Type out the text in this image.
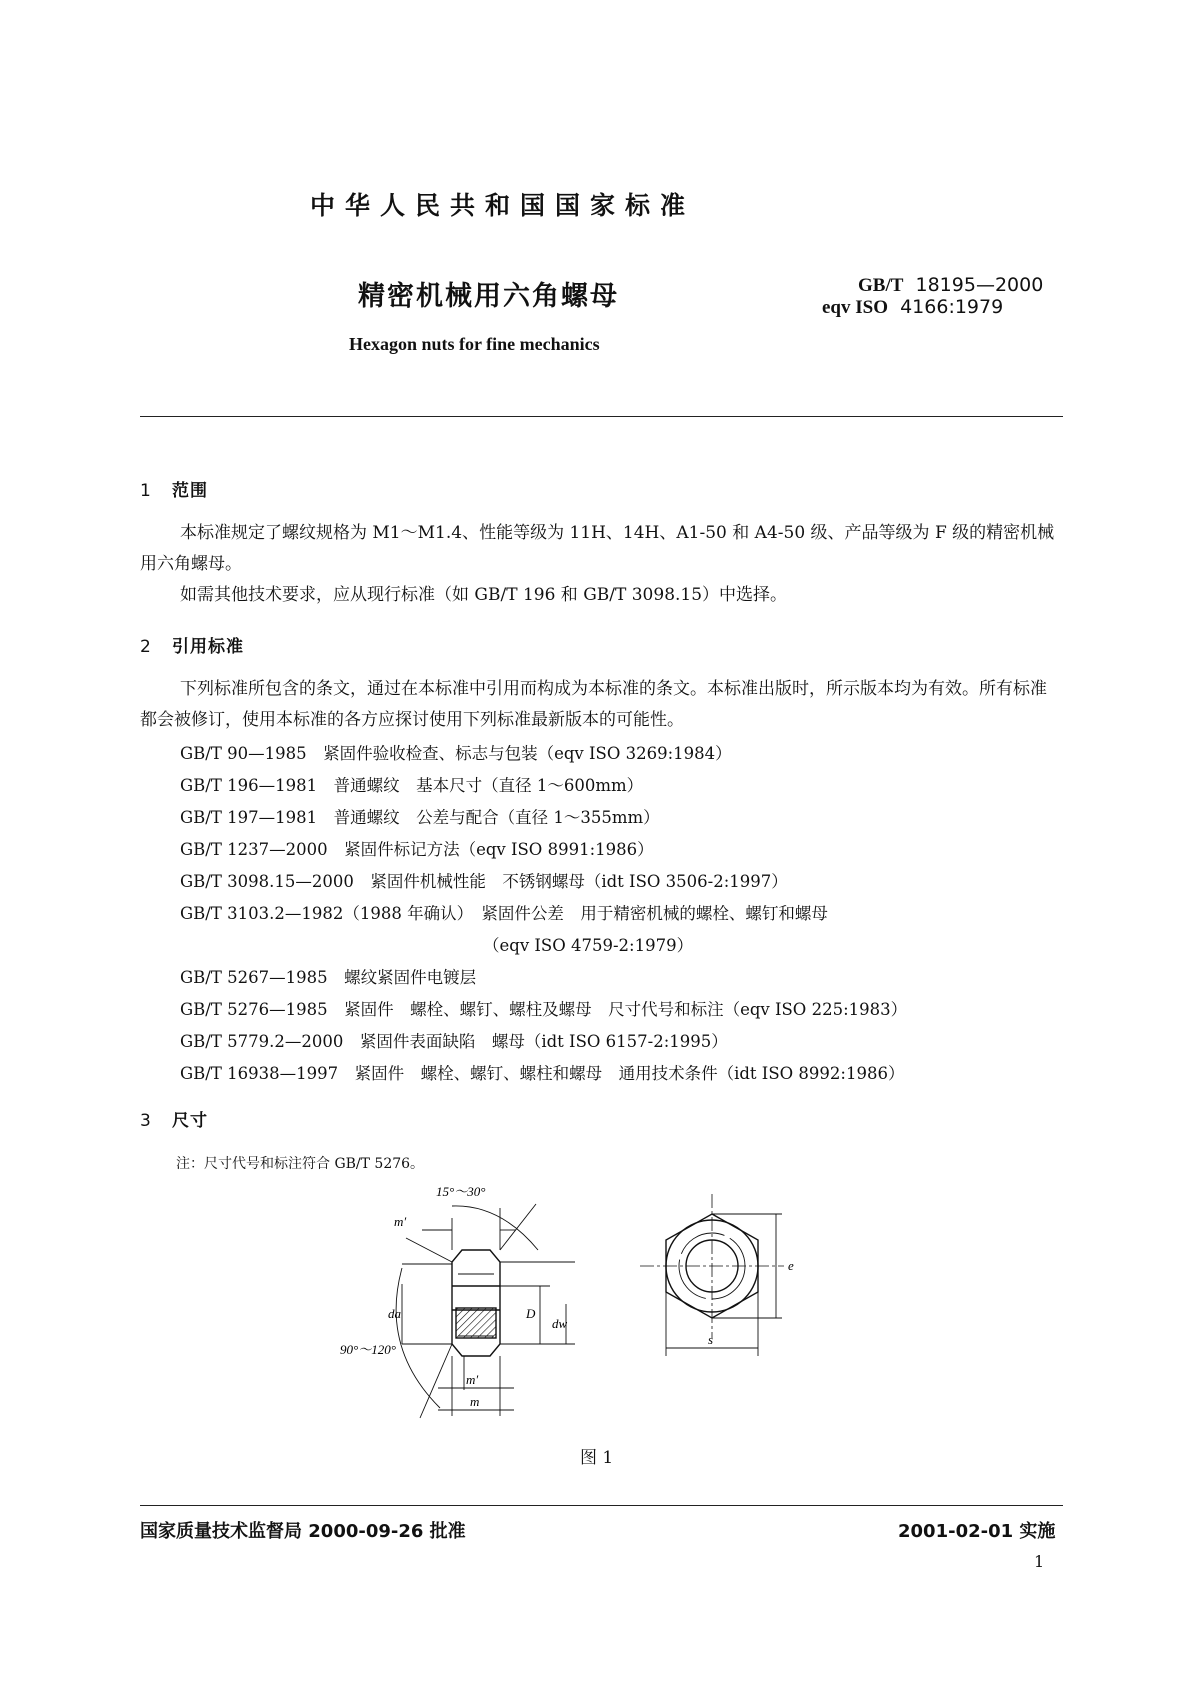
中华人民共和国国家标准
精密机械用六角螺母
Hexagon nuts for fine mechanics
GB/T 18195—2000
eqv ISO 4166:1979
1 范围
本标准规定了螺纹规格为 M1～M1.4、性能等级为 11H、14H、A1-50 和 A4-50 级、产品等级为 F 级的精密机械用六角螺母。
如需其他技术要求，应从现行标准（如 GB/T 196 和 GB/T 3098.15）中选择。
2 引用标准
下列标准所包含的条文，通过在本标准中引用而构成为本标准的条文。本标准出版时，所示版本均为有效。所有标准都会被修订，使用本标准的各方应探讨使用下列标准最新版本的可能性。
GB/T 90—1985　紧固件验收检查、标志与包装（eqv ISO 3269:1984）
GB/T 196—1981　普通螺纹　基本尺寸（直径 1～600mm）
GB/T 197—1981　普通螺纹　公差与配合（直径 1～355mm）
GB/T 1237—2000　紧固件标记方法（eqv ISO 8991:1986）
GB/T 3098.15—2000　紧固件机械性能　不锈钢螺母（idt ISO 3506-2:1997）
GB/T 3103.2—1982（1988 年确认）　紧固件公差　用于精密机械的螺栓、螺钉和螺母
（eqv ISO 4759-2:1979）
GB/T 5267—1985　螺纹紧固件电镀层
GB/T 5276—1985　紧固件　螺栓、螺钉、螺柱及螺母　尺寸代号和标注（eqv ISO 225:1983）
GB/T 5779.2—2000　紧固件表面缺陷　螺母（idt ISO 6157-2:1995）
GB/T 16938—1997　紧固件　螺栓、螺钉、螺柱和螺母　通用技术条件（idt ISO 8992:1986）
3 尺寸
注：尺寸代号和标注符合 GB/T 5276。
15°～30°
m′
90°～120°
da	D
dw
m′
m
e
s
图 1
国家质量技术监督局 2000-09-26 批准	2001-02-01 实施
1
